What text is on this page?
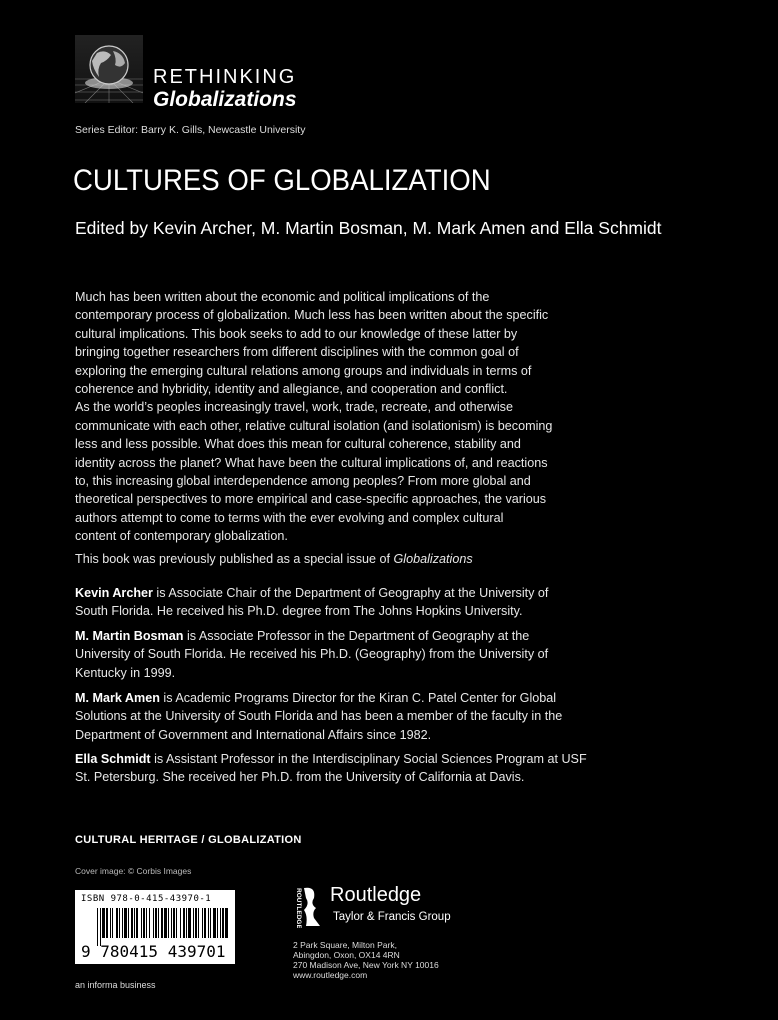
RETHINKING
Globalizations
Series Editor: Barry K. Gills, Newcastle University
CULTURES OF GLOBALIZATION
Edited by Kevin Archer, M. Martin Bosman, M. Mark Amen and Ella Schmidt
Much has been written about the economic and political implications of the
contemporary process of globalization. Much less has been written about the specific
cultural implications. This book seeks to add to our knowledge of these latter by
bringing together researchers from different disciplines with the common goal of
exploring the emerging cultural relations among groups and individuals in terms of
coherence and hybridity, identity and allegiance, and cooperation and conflict.
As the world’s peoples increasingly travel, work, trade, recreate, and otherwise
communicate with each other, relative cultural isolation (and isolationism) is becoming
less and less possible. What does this mean for cultural coherence, stability and
identity across the planet? What have been the cultural implications of, and reactions
to, this increasing global interdependence among peoples? From more global and
theoretical perspectives to more empirical and case-specific approaches, the various
authors attempt to come to terms with the ever evolving and complex cultural
content of contemporary globalization.
This book was previously published as a special issue of Globalizations
Kevin Archer is Associate Chair of the Department of Geography at the University of
South Florida. He received his Ph.D. degree from The Johns Hopkins University.
M. Martin Bosman is Associate Professor in the Department of Geography at the
University of South Florida. He received his Ph.D. (Geography) from the University of
Kentucky in 1999.
M. Mark Amen is Academic Programs Director for the Kiran C. Patel Center for Global
Solutions at the University of South Florida and has been a member of the faculty in the
Department of Government and International Affairs since 1982.
Ella Schmidt is Assistant Professor in the Interdisciplinary Social Sciences Program at USF
St. Petersburg. She received her Ph.D. from the University of California at Davis.
CULTURAL HERITAGE / GLOBALIZATION
Cover image: © Corbis Images
ISBN 978-0-415-43970-1
9 780415 439701
an informa business
ROUTLEDGE Routledge
Taylor & Francis Group
2 Park Square, Milton Park,
Abingdon, Oxon, OX14 4RN
270 Madison Ave, New York NY 10016
www.routledge.com
